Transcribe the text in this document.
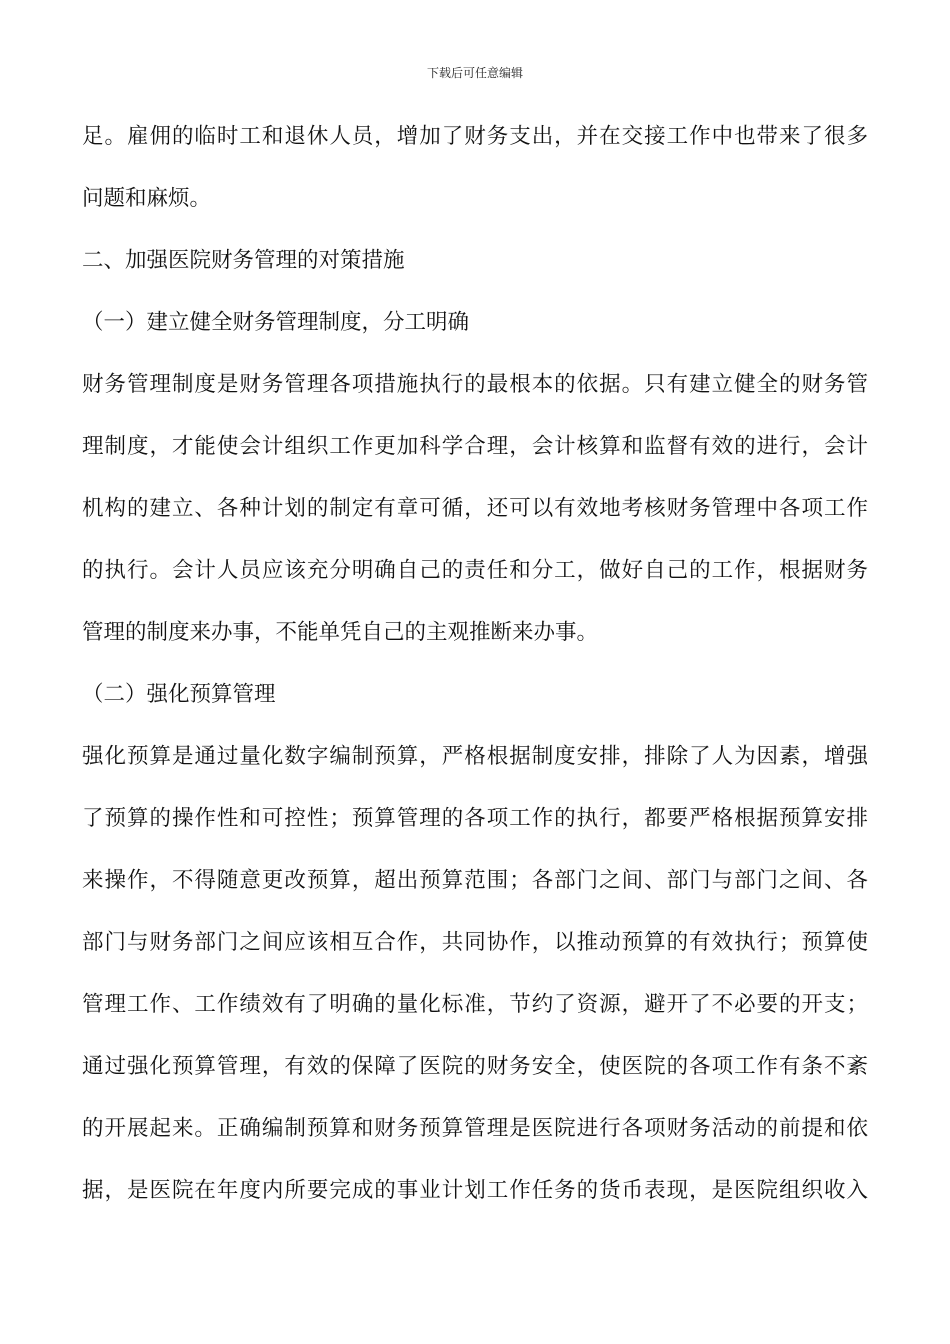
下载后可任意编辑
足。雇佣的临时工和退休人员，增加了财务支出，并在交接工作中也带来了很多
问题和麻烦。
二、加强医院财务管理的对策措施
（一）建立健全财务管理制度，分工明确
财务管理制度是财务管理各项措施执行的最根本的依据。只有建立健全的财务管
理制度，才能使会计组织工作更加科学合理，会计核算和监督有效的进行，会计
机构的建立、各种计划的制定有章可循，还可以有效地考核财务管理中各项工作
的执行。会计人员应该充分明确自己的责任和分工，做好自己的工作，根据财务
管理的制度来办事，不能单凭自己的主观推断来办事。
（二）强化预算管理
强化预算是通过量化数字编制预算，严格根据制度安排，排除了人为因素，增强
了预算的操作性和可控性；预算管理的各项工作的执行，都要严格根据预算安排
来操作，不得随意更改预算，超出预算范围；各部门之间、部门与部门之间、各
部门与财务部门之间应该相互合作，共同协作，以推动预算的有效执行；预算使
管理工作、工作绩效有了明确的量化标准，节约了资源，避开了不必要的开支；
通过强化预算管理，有效的保障了医院的财务安全，使医院的各项工作有条不紊
的开展起来。正确编制预算和财务预算管理是医院进行各项财务活动的前提和依
据，是医院在年度内所要完成的事业计划工作任务的货币表现，是医院组织收入
